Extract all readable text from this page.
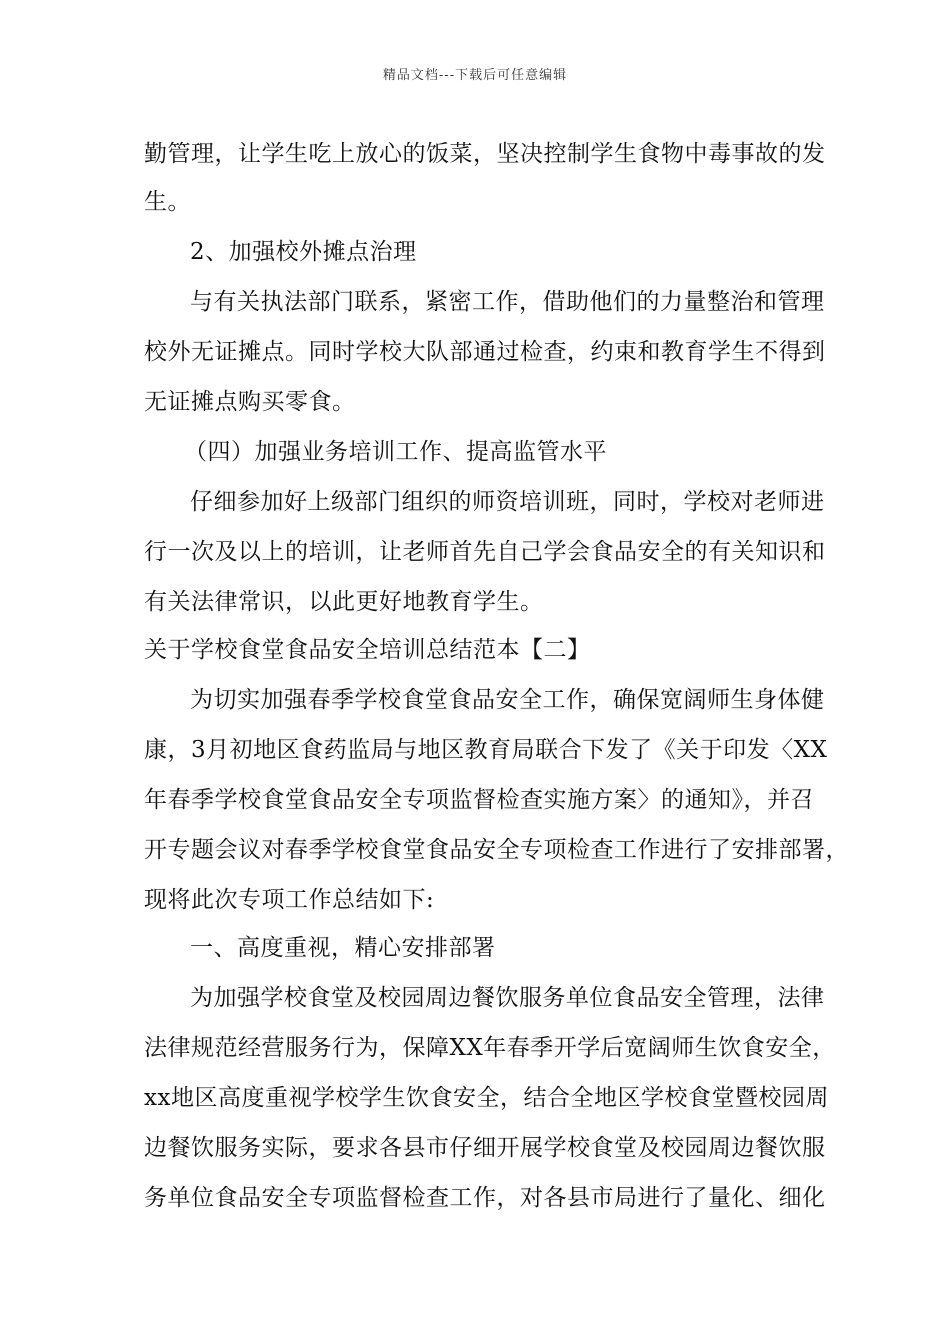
精品文档---下载后可任意编辑
勤管理，让学生吃上放心的饭菜，坚决控制学生食物中毒事故的发
生。
2、加强校外摊点治理
与有关执法部门联系，紧密工作，借助他们的力量整治和管理
校外无证摊点。同时学校大队部通过检查，约束和教育学生不得到
无证摊点购买零食。
（四）加强业务培训工作、提高监管水平
仔细参加好上级部门组织的师资培训班，同时，学校对老师进
行一次及以上的培训，让老师首先自己学会食品安全的有关知识和
有关法律常识，以此更好地教育学生。
关于学校食堂食品安全培训总结范本【二】
为切实加强春季学校食堂食品安全工作，确保宽阔师生身体健
康，3月初地区食药监局与地区教育局联合下发了《关于印发〈XX
年春季学校食堂食品安全专项监督检查实施方案〉的通知》，并召
开专题会议对春季学校食堂食品安全专项检查工作进行了安排部署，
现将此次专项工作总结如下:
一、高度重视，精心安排部署
为加强学校食堂及校园周边餐饮服务单位食品安全管理，法律
法律规范经营服务行为，保障XX年春季开学后宽阔师生饮食安全，
xx地区高度重视学校学生饮食安全，结合全地区学校食堂暨校园周
边餐饮服务实际，要求各县市仔细开展学校食堂及校园周边餐饮服
务单位食品安全专项监督检查工作，对各县市局进行了量化、细化
